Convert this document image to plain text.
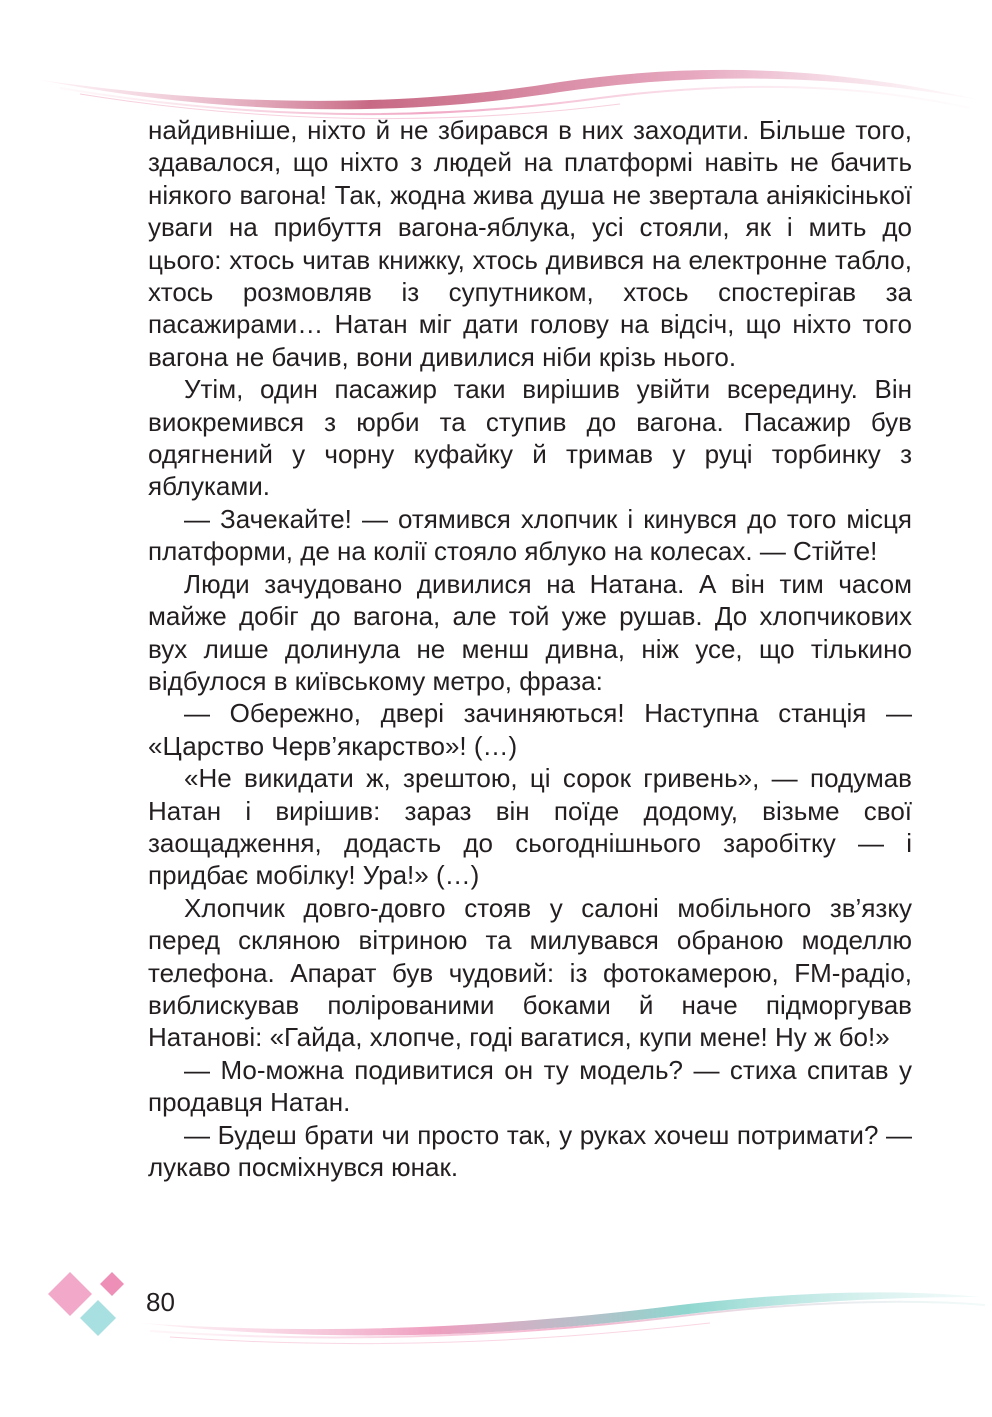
найдивніше, ніхто й не збирався в них заходити. Більше того, здавалося, що ніхто з людей на платформі навіть не бачить ніякого вагона! Так, жодна жива душа не звертала аніякісінької уваги на прибуття вагона-яблука, усі стояли, як і мить до цього: хтось читав книжку, хтось дивився на електронне табло, хтось розмовляв із супутником, хтось спостерігав за пасажирами… Натан міг дати голову на відсіч, що ніхто того вагона не бачив, вони дивилися ніби крізь нього.

Утім, один пасажир таки вирішив увійти всередину. Він виокремився з юрби та ступив до вагона. Пасажир був одягнений у чорну куфайку й тримав у руці торбинку з яблуками.

— Зачекайте! — отямився хлопчик і кинувся до того місця платформи, де на колії стояло яблуко на колесах. — Стійте!

Люди зачудовано дивилися на Натана. А він тим часом майже добіг до вагона, але той уже рушав. До хлопчикових вух лише долинула не менш дивна, ніж усе, що тількино відбулося в київському метро, фраза:

— Обережно, двері зачиняються! Наступна станція — «Царство Черв’якарство»! (…)

«Не викидати ж, зрештою, ці сорок гривень», — подумав Натан і вирішив: зараз він поїде додому, візьме свої заощадження, додасть до сьогоднішнього заробітку — і придбає мобілку! Ура!» (…)

Хлопчик довго-довго стояв у салоні мобільного зв’язку перед скляною вітриною та милувався обраною моделлю телефона. Апарат був чудовий: із фотокамерою, FM-радіо, виблискував полірованими боками й наче підморгував Натанові: «Гайда, хлопче, годі вагатися, купи мене! Ну ж бо!»

— Мо-можна подивитися он ту модель? — стиха спитав у продавця Натан.

— Будеш брати чи просто так, у руках хочеш потримати? — лукаво посміхнувся юнак.

80
